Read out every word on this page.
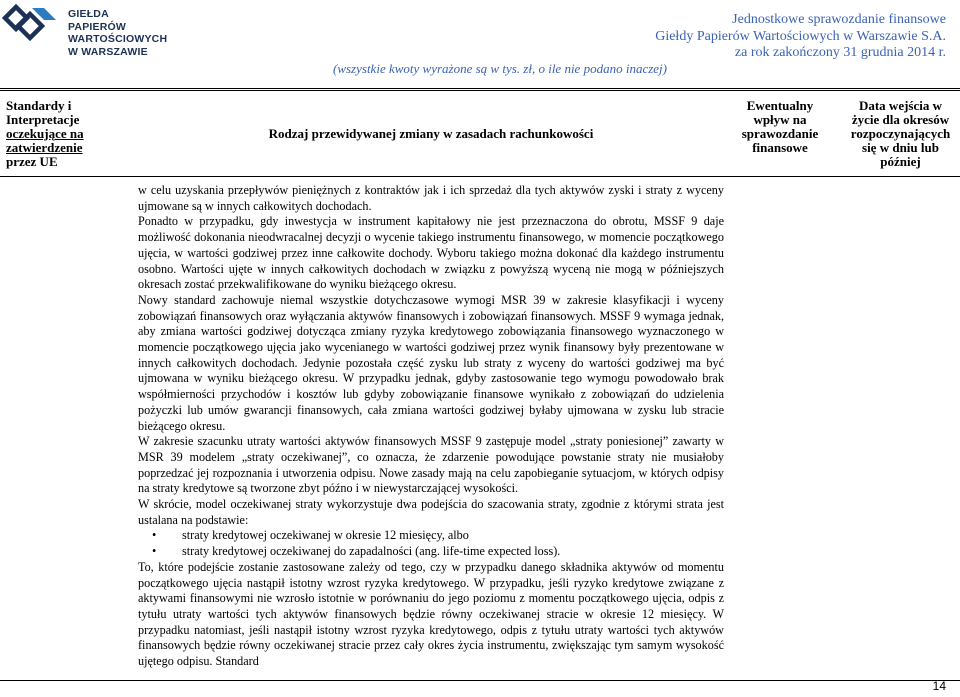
GIEŁDA PAPIERÓW
WARTOŚCIOWYCH
W WARSZAWIE
Jednostkowe sprawozdanie finansowe
Giełdy Papierów Wartościowych w Warszawie S.A.
za rok zakończony 31 grudnia 2014 r.
(wszystkie kwoty wyrażone są w tys. zł, o ile nie podano inaczej)
Standardy i
Interpretacje
oczekujące na
zatwierdzenie
przez UE
Rodzaj przewidywanej zmiany w zasadach rachunkowości
Ewentualny
wpływ na
sprawozdanie
finansowe
Data wejścia w
życie dla okresów
rozpoczynających
się w dniu lub
później

w celu uzyskania przepływów pieniężnych z kontraktów jak i ich sprzedaż dla tych aktywów zyski i straty z wyceny ujmowane są w innych całkowitych dochodach.

Ponadto w przypadku, gdy inwestycja w instrument kapitałowy nie jest przeznaczona do obrotu, MSSF 9 daje możliwość dokonania nieodwracalnej decyzji o wycenie takiego instrumentu finansowego, w momencie początkowego ujęcia, w wartości godziwej przez inne całkowite dochody. Wyboru takiego można dokonać dla każdego instrumentu osobno. Wartości ujęte w innych całkowitych dochodach w związku z powyższą wyceną nie mogą w późniejszych okresach zostać przekwalifikowane do wyniku bieżącego okresu.

Nowy standard zachowuje niemal wszystkie dotychczasowe wymogi MSR 39 w zakresie klasyfikacji i wyceny zobowiązań finansowych oraz wyłączania aktywów finansowych i zobowiązań finansowych. MSSF 9 wymaga jednak, aby zmiana wartości godziwej dotycząca zmiany ryzyka kredytowego zobowiązania finansowego wyznaczonego w momencie początkowego ujęcia jako wycenianego w wartości godziwej przez wynik finansowy były prezentowane w innych całkowitych dochodach. Jedynie pozostała część zysku lub straty z wyceny do wartości godziwej ma być ujmowana w wyniku bieżącego okresu. W przypadku jednak, gdyby zastosowanie tego wymogu powodowało brak współmierności przychodów i kosztów lub gdyby zobowiązanie finansowe wynikało z zobowiązań do udzielenia pożyczki lub umów gwarancji finansowych, cała zmiana wartości godziwej byłaby ujmowana w zysku lub stracie bieżącego okresu.

W zakresie szacunku utraty wartości aktywów finansowych MSSF 9 zastępuje model „straty poniesionej” zawarty w MSR 39 modelem „straty oczekiwanej”, co oznacza, że zdarzenie powodujące powstanie straty nie musiałoby poprzedzać jej rozpoznania i utworzenia odpisu. Nowe zasady mają na celu zapobieganie sytuacjom, w których odpisy na straty kredytowe są tworzone zbyt późno i w niewystarczającej wysokości.

W skrócie, model oczekiwanej straty wykorzystuje dwa podejścia do szacowania straty, zgodnie z którymi strata jest ustalana na podstawie:

• straty kredytowej oczekiwanej w okresie 12 miesięcy, albo
• straty kredytowej oczekiwanej do zapadalności (ang. life-time expected loss).

To, które podejście zostanie zastosowane zależy od tego, czy w przypadku danego składnika aktywów od momentu początkowego ujęcia nastąpił istotny wzrost ryzyka kredytowego. W przypadku, jeśli ryzyko kredytowe związane z aktywami finansowymi nie wzrosło istotnie w porównaniu do jego poziomu z momentu początkowego ujęcia, odpis z tytułu utraty wartości tych aktywów finansowych będzie równy oczekiwanej stracie w okresie 12 miesięcy. W przypadku natomiast, jeśli nastąpił istotny wzrost ryzyka kredytowego, odpis z tytułu utraty wartości tych aktywów finansowych będzie równy oczekiwanej stracie przez cały okres życia instrumentu, zwiększając tym samym wysokość ujętego odpisu. Standard

14
